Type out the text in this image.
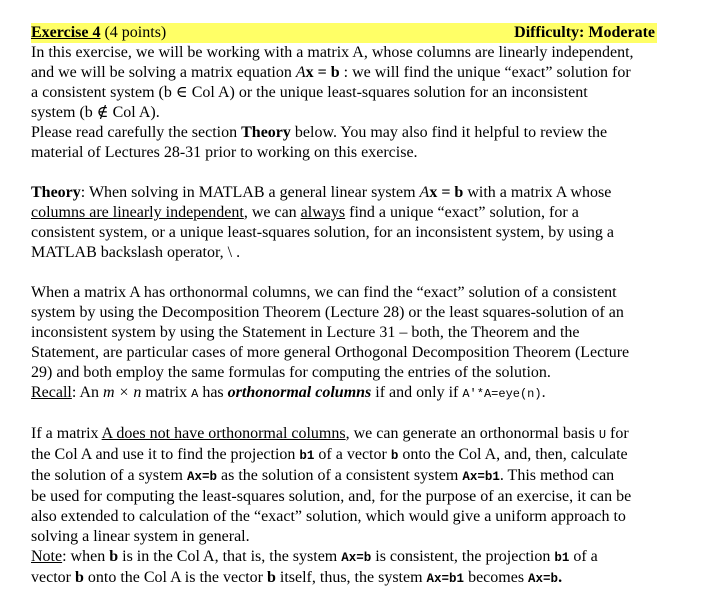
Exercise 4 (4 points)	Difficulty: Moderate

In this exercise, we will be working with a matrix A, whose columns are linearly independent,
and we will be solving a matrix equation Ax = b : we will find the unique “exact” solution for
a consistent system (b ∈ Col A) or the unique least-squares solution for an inconsistent
system (b ∉ Col A).
Please read carefully the section Theory below. You may also find it helpful to review the
material of Lectures 28-31 prior to working on this exercise.

Theory: When solving in MATLAB a general linear system Ax = b with a matrix A whose
columns are linearly independent, we can always find a unique “exact” solution, for a
consistent system, or a unique least-squares solution, for an inconsistent system, by using a
MATLAB backslash operator, \ .

When a matrix A has orthonormal columns, we can find the “exact” solution of a consistent
system by using the Decomposition Theorem (Lecture 28) or the least squares-solution of an
inconsistent system by using the Statement in Lecture 31 – both, the Theorem and the
Statement, are particular cases of more general Orthogonal Decomposition Theorem (Lecture
29) and both employ the same formulas for computing the entries of the solution.
Recall: An m × n matrix A has orthonormal columns if and only if A'*A=eye(n).

If a matrix A does not have orthonormal columns, we can generate an orthonormal basis U for
the Col A and use it to find the projection b1 of a vector b onto the Col A, and, then, calculate
the solution of a system Ax=b as the solution of a consistent system Ax=b1. This method can
be used for computing the least-squares solution, and, for the purpose of an exercise, it can be
also extended to calculation of the “exact” solution, which would give a uniform approach to
solving a linear system in general.
Note: when b is in the Col A, that is, the system Ax=b is consistent, the projection b1 of a
vector b onto the Col A is the vector b itself, thus, the system Ax=b1 becomes Ax=b.
